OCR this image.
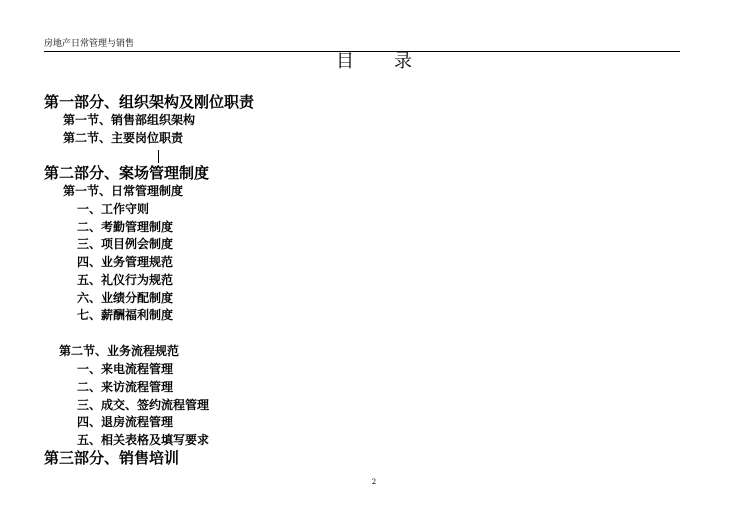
房地产日常管理与销售
目录
第一部分、组织架构及刚位职责
第一节、销售部组织架构
第二节、主要岗位职责
第二部分、案场管理制度
第一节、日常管理制度
一、工作守则
二、考勤管理制度
三、项目例会制度
四、业务管理规范
五、礼仪行为规范
六、业绩分配制度
七、薪酬福利制度
第二节、业务流程规范
一、来电流程管理
二、来访流程管理
三、成交、签约流程管理
四、退房流程管理
五、相关表格及填写要求
第三部分、销售培训
2
